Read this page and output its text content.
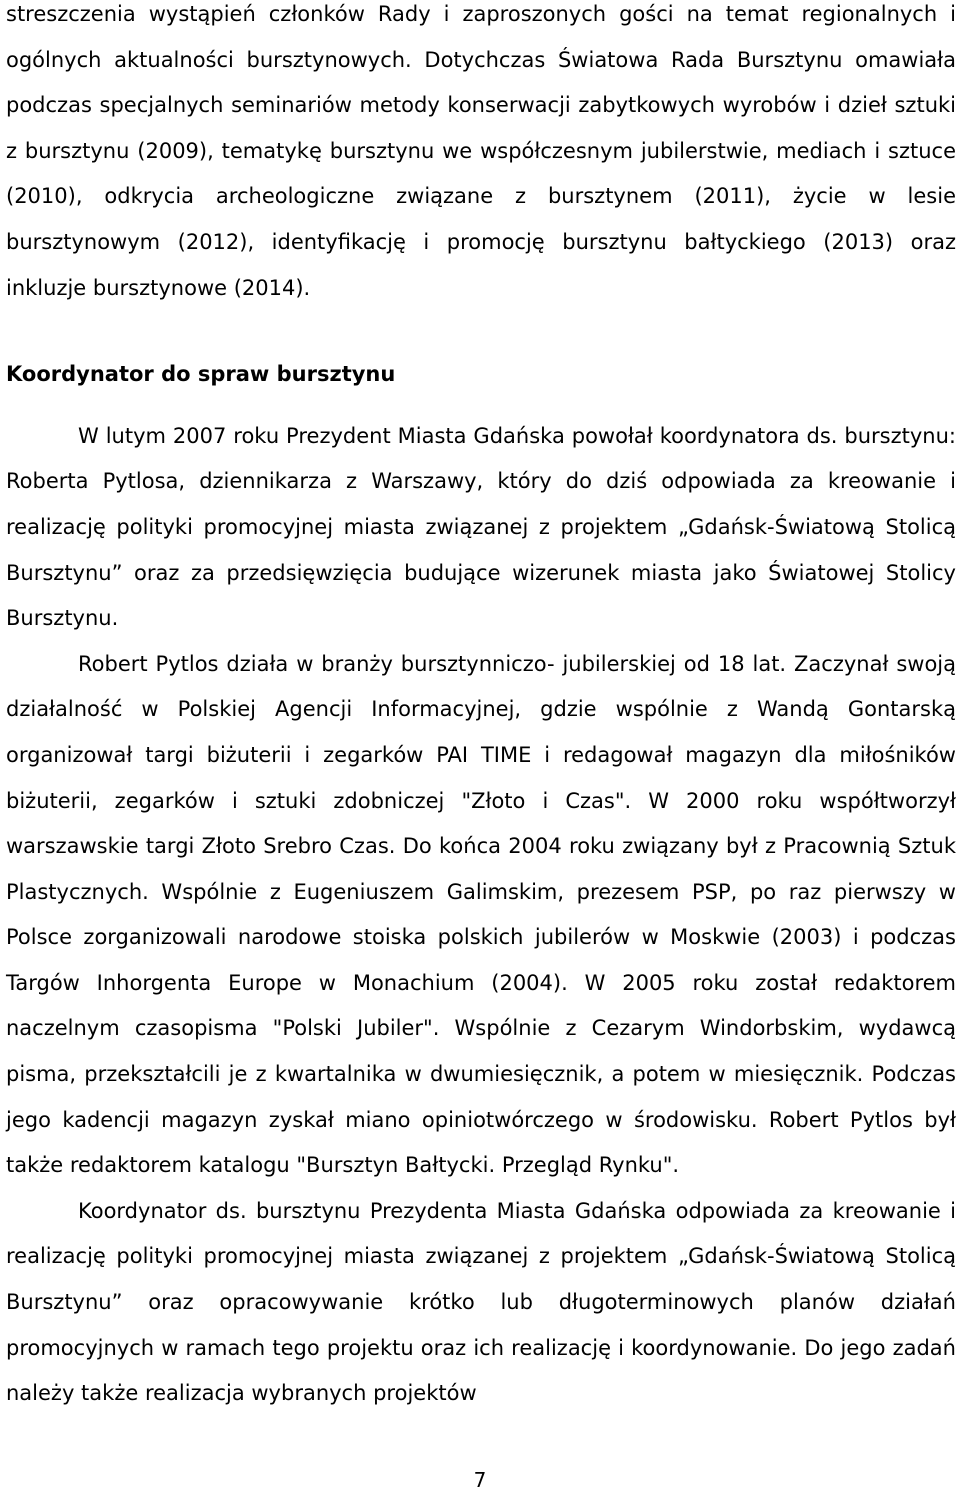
streszczenia wystąpień członków Rady i zaproszonych gości na temat regionalnych i ogólnych aktualności bursztynowych. Dotychczas Światowa Rada Bursztynu omawiała podczas specjalnych seminariów metody konserwacji zabytkowych wyrobów i dzieł sztuki z bursztynu (2009), tematykę bursztynu we współczesnym jubilerstwie, mediach i sztuce (2010), odkrycia archeologiczne związane z bursztynem (2011), życie w lesie bursztynowym (2012), identyfikację i promocję bursztynu bałtyckiego (2013) oraz inkluzje bursztynowe (2014).

Koordynator do spraw bursztynu

W lutym 2007 roku Prezydent Miasta Gdańska powołał koordynatora ds. bursztynu: Roberta Pytlosa, dziennikarza z Warszawy, który do dziś odpowiada za kreowanie i realizację polityki promocyjnej miasta związanej z projektem „Gdańsk-Światową Stolicą Bursztynu” oraz za przedsięwzięcia budujące wizerunek miasta jako Światowej Stolicy Bursztynu.

Robert Pytlos działa w branży bursztynniczo- jubilerskiej od 18 lat. Zaczynał swoją działalność w Polskiej Agencji Informacyjnej, gdzie wspólnie z Wandą Gontarską organizował targi biżuterii i zegarków PAI TIME i redagował magazyn dla miłośników biżuterii, zegarków i sztuki zdobniczej "Złoto i Czas". W 2000 roku współtworzył warszawskie targi Złoto Srebro Czas. Do końca 2004 roku związany był z Pracownią Sztuk Plastycznych. Wspólnie z Eugeniuszem Galimskim, prezesem PSP, po raz pierwszy w Polsce zorganizowali narodowe stoiska polskich jubilerów w Moskwie (2003) i podczas Targów Inhorgenta Europe w Monachium (2004). W 2005 roku został redaktorem naczelnym czasopisma "Polski Jubiler". Wspólnie z Cezarym Windorbskim, wydawcą pisma, przekształcili je z kwartalnika w dwumiesięcznik, a potem w miesięcznik. Podczas jego kadencji magazyn zyskał miano opiniotwórczego w środowisku. Robert Pytlos był także redaktorem katalogu "Bursztyn Bałtycki. Przegląd Rynku".

Koordynator ds. bursztynu Prezydenta Miasta Gdańska odpowiada za kreowanie i realizację polityki promocyjnej miasta związanej z projektem „Gdańsk-Światową Stolicą Bursztynu” oraz opracowywanie krótko lub długoterminowych planów działań promocyjnych w ramach tego projektu oraz ich realizację i koordynowanie. Do jego zadań należy także realizacja wybranych projektów

7
